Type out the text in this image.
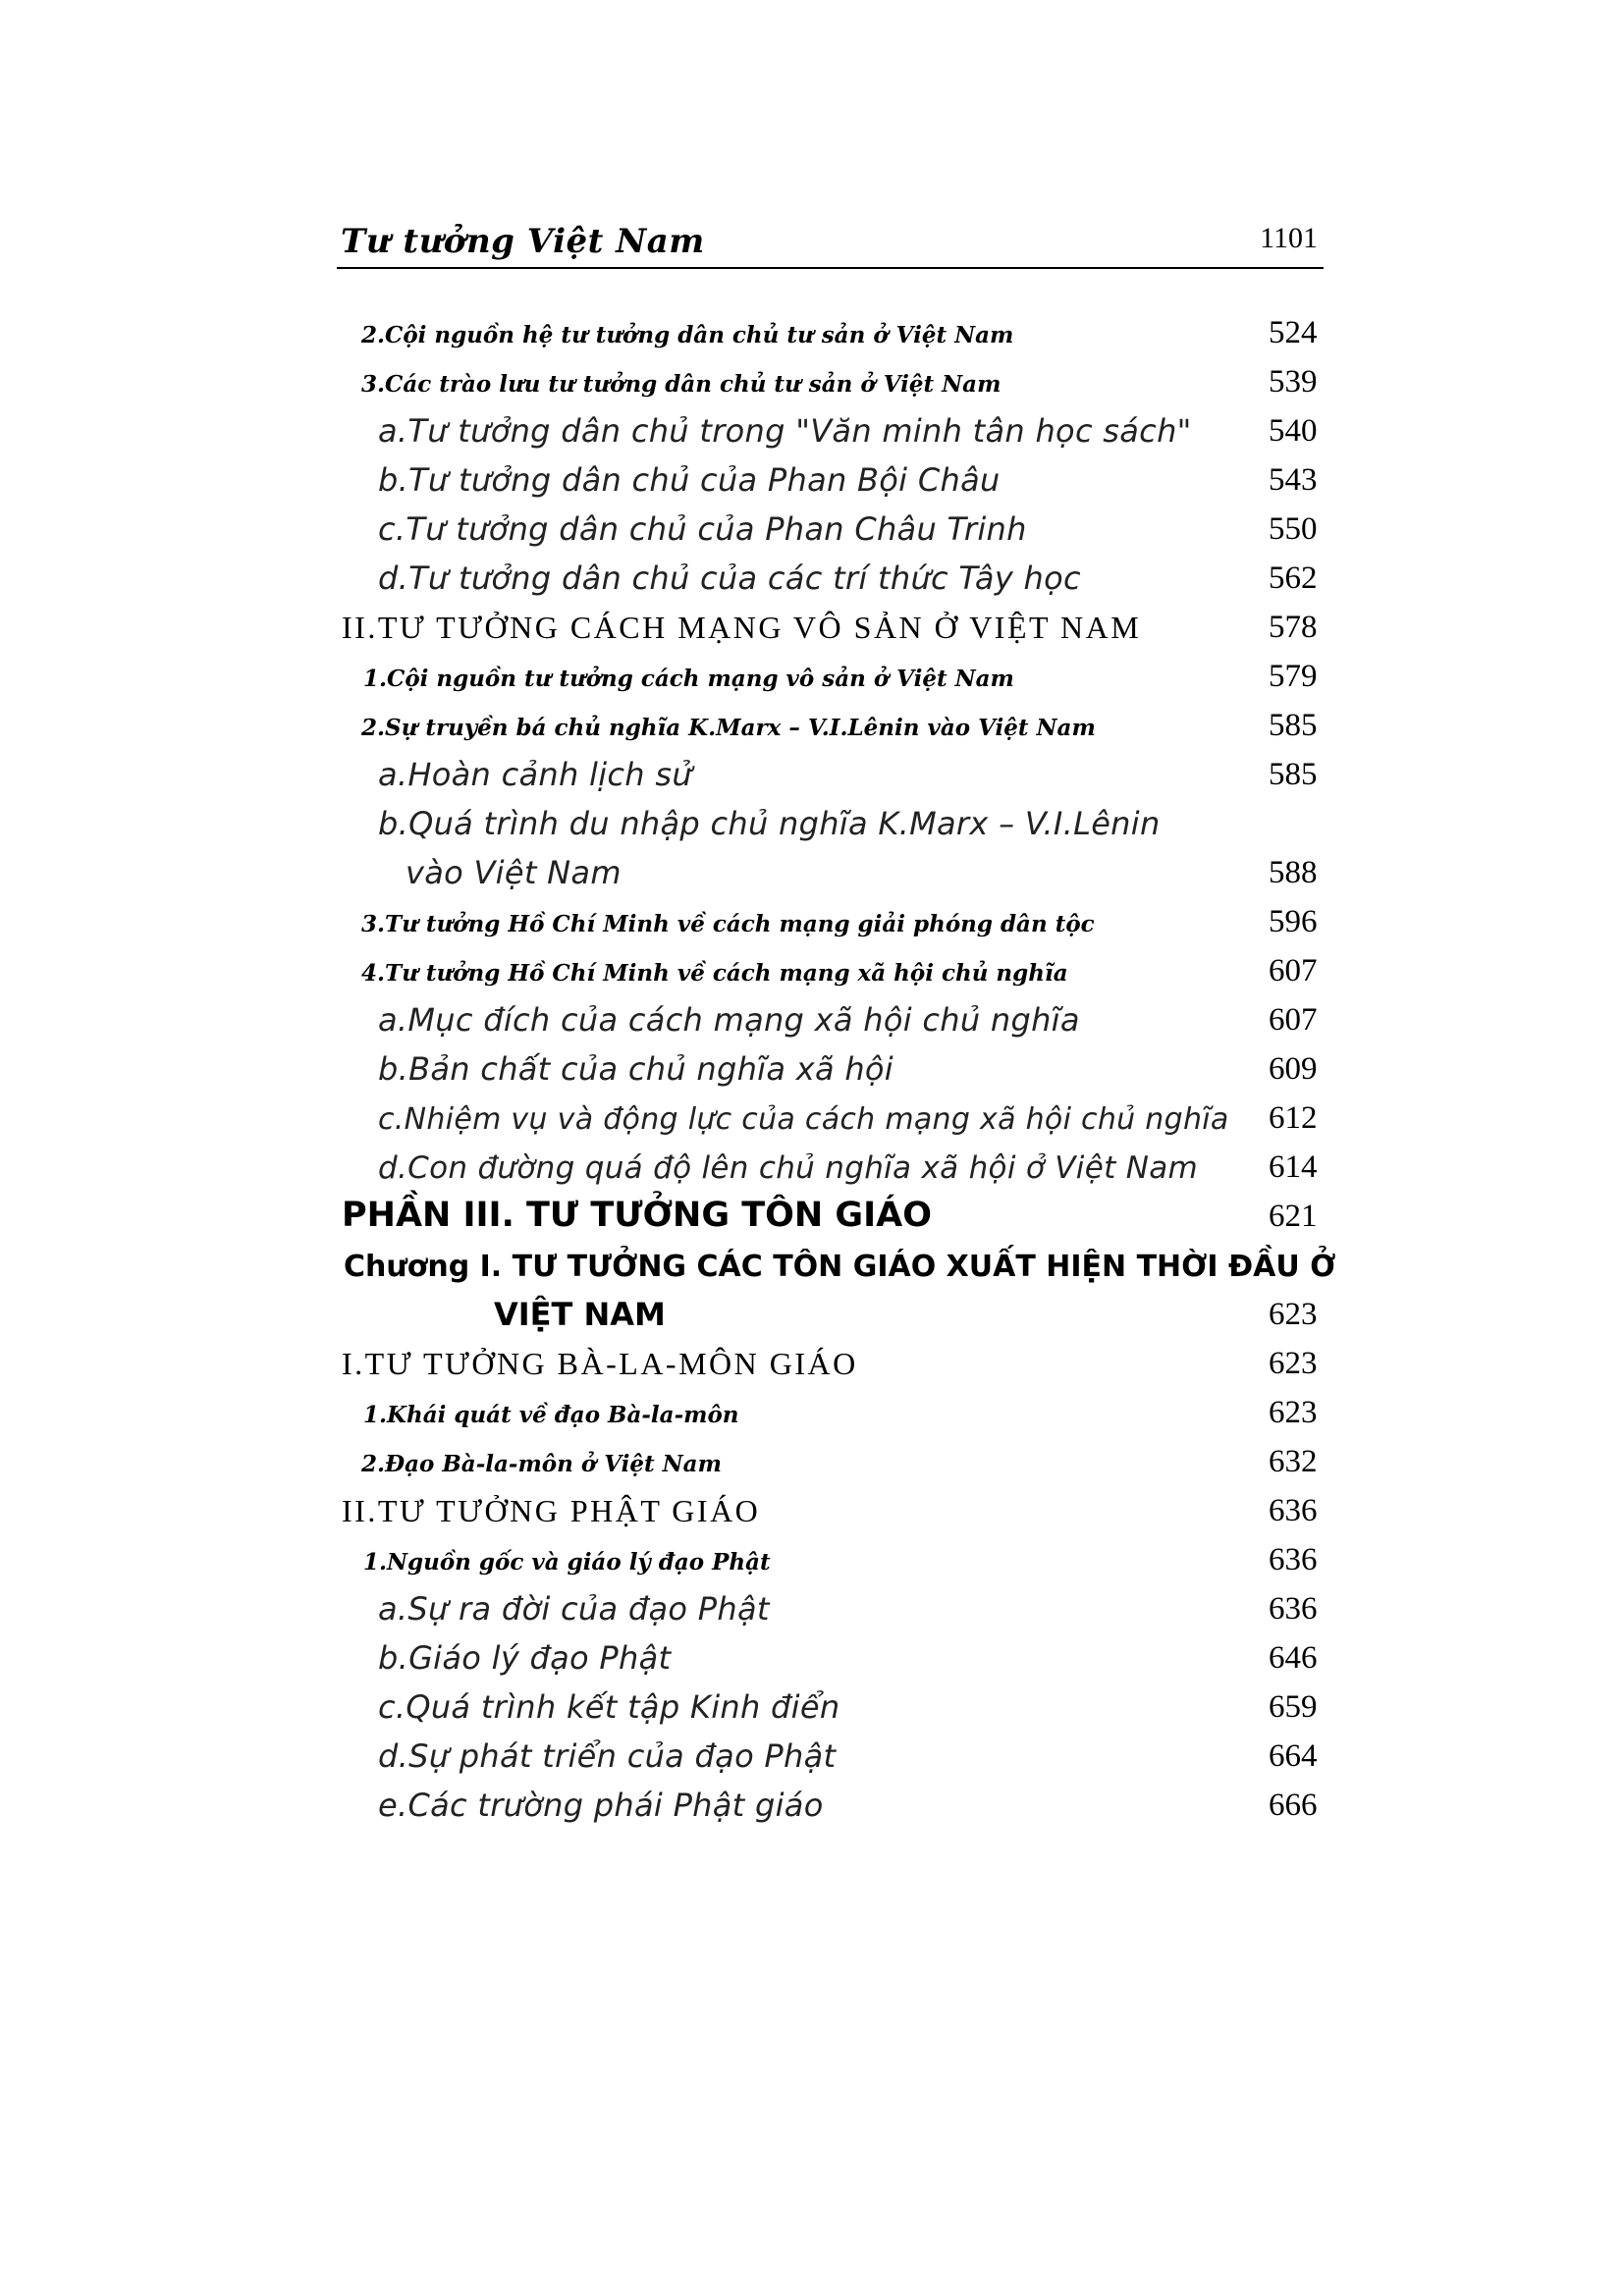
Tư tưởng Việt Nam	1101
2.Cội nguồn hệ tư tưởng dân chủ tư sản ở Việt Nam	524
3.Các trào lưu tư tưởng dân chủ tư sản ở Việt Nam	539
a.Tư tưởng dân chủ trong "Văn minh tân học sách" 540
b.Tư tưởng dân chủ của Phan Bội Châu	543
c.Tư tưởng dân chủ của Phan Châu Trinh	550
d.Tư tưởng dân chủ của các trí thức Tây học	562
II.TƯ TƯỞNG CÁCH MẠNG VÔ SẢN Ở VIỆT NAM	578
1.Cội nguồn tư tưởng cách mạng vô sản ở Việt Nam	579
2.Sự truyền bá chủ nghĩa K.Marx – V.I.Lênin vào Việt Nam	585
a.Hoàn cảnh lịch sử	585
b.Quá trình du nhập chủ nghĩa K.Marx – V.I.Lênin
vào Việt Nam	588
3.Tư tưởng Hồ Chí Minh về cách mạng giải phóng dân tộc	596
4.Tư tưởng Hồ Chí Minh về cách mạng xã hội chủ nghĩa	607
a.Mục đích của cách mạng xã hội chủ nghĩa	607
b.Bản chất của chủ nghĩa xã hội	609
c.Nhiệm vụ và động lực của cách mạng xã hội chủ nghĩa 612
d.Con đường quá độ lên chủ nghĩa xã hội ở Việt Nam 614
PHẦN III. TƯ TƯỞNG TÔN GIÁO	621
Chương I. TƯ TƯỞNG CÁC TÔN GIÁO XUẤT HIỆN THỜI ĐẦU Ở
VIỆT NAM	623
I.TƯ TƯỞNG BÀ-LA-MÔN GIÁO	623
1.Khái quát về đạo Bà-la-môn	623
2.Đạo Bà-la-môn ở Việt Nam	632
II.TƯ TƯỞNG PHẬT GIÁO	636
1.Nguồn gốc và giáo lý đạo Phật	636
a.Sự ra đời của đạo Phật	636
b.Giáo lý đạo Phật	646
c.Quá trình kết tập Kinh điển	659
d.Sự phát triển của đạo Phật	664
e.Các trường phái Phật giáo	666
